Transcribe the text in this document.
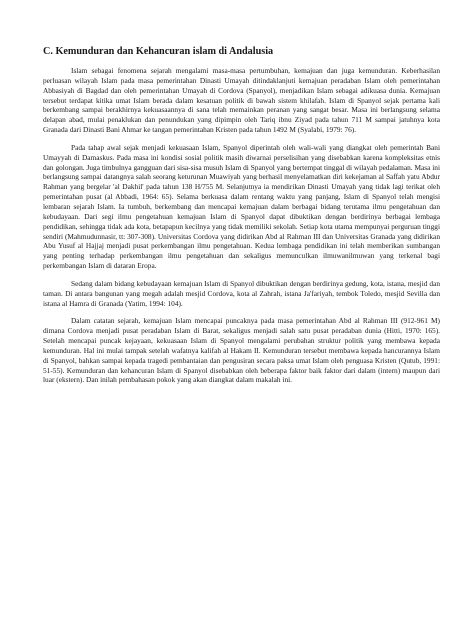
C. Kemunduran dan Kehancuran islam di Andalusia

Islam sebagai fenomena sejarah mengalami masa-masa pertumbuhan, kemajuan dan juga kemunduran. Keberhasilan perluasan wilayah Islam pada masa pemerintahan Dinasti Umayah ditindaklanjuti kemajuan peradaban Islam oleh pemerintahan Abbasiyah di Bagdad dan oleh pemerintahan Umayah di Cordova (Spanyol), menjadikan Islam sebagai adikuasa dunia. Kemajuan tersebut terdapat kitika umat Islam berada dalam kesatuan politik di bawah sistem khilafah. Islam di Spanyol sejak pertama kali berkembang sampai berakhirnya kekuasaannya di sana telah memainkan peranan yang sangat besar. Masa ini berlangsung selama delapan abad, mulai penaklukan dan penundukan yang dipimpin oleh Tariq ibnu Ziyad pada tahun 711 M sampai jatuhnya kota Granada dari Dinasti Bani Ahmar ke tangan pemerintahan Kristen pada tahun 1492 M (Syalabi, 1979: 76).

Pada tahap awal sejak menjadi kekuasaan Islam, Spanyol diperintah oleh wali-wali yang diangkat oleh pemerintah Bani Umayyah di Damaskus. Pada masa ini kondisi sosial politik masih diwarnai perselisihan yang disebabkan karena kompleksitas etnis dan golongan. Juga timbulnya gangguan dari sisa-sisa musuh Islam di Spanyol yang bertempat tinggal di wilayah pedalaman. Masa ini berlangsung sampai datangnya salah seorang keturunan Muawiyah yang berhasil menyelamatkan diri kekejaman al Saffah yatu Abdur Rahman yang bergelar 'al Dakhil' pada tahun 138 H/755 M. Selanjutnya ia mendirikan Dinasti Umayah yang tidak lagi terikat oleh pemerintahan pusat (al Abbadi, 1964: 65). Selama berkuasa dalam rentang waktu yang panjang, Islam di Spanyol telah mengisi lembaran sejarah Islam. Ia tumbuh, berkembang dan mencapai kemajuan dalam berbagai bidang terutama ilmu pengetahuan dan kebudayaan. Dari segi ilmu pengetahuan kemajuan Islam di Spanyol dapat dibuktikan dengan berdirinya berbagai lembaga pendidikan, sehingga tidak ada kota, betapapun kecilnya yang tidak memiliki sekolah. Setiap kota utama mempunyai perguruan tinggi sendiri (Mahmudunnasir, tt: 307-308). Universitas Cordova yang didirikan Abd al Rahman III dan Universitas Granada yang didirikan Abu Yusuf al Hajjaj menjadi pusat perkembangan ilmu pengetahuan. Kedua lembaga pendidikan ini telah memberikan sumbangan yang penting terhadap perkembangan ilmu pengetahuan dan sekaligus memunculkan ilmuwanilmuwan yang terkenal bagi perkembangan Islam di dataran Eropa.

Sedang dalam bidang kebudayaan kemajuan Islam di Spanyol dibuktikan dengan berdirinya gedung, kota, istana, mesjid dan taman. Di antara bangunan yang megah adalah mesjid Cordova, kota al Zahrah, istana Ja'fariyah, tembok Toledo, mesjid Sevilla dan istana al Hamra di Granada (Yatim, 1994: 104).

Dalam catatan sejarah, kemajuan Islam mencapai puncaknya pada masa pemerintahan Abd al Rahman III (912-961 M) dimana Cordova menjadi pusat peradaban Islam di Barat, sekaligus menjadi salah satu pusat peradaban dunia (Hitti, 1970: 165). Setelah mencapai puncak kejayaan, kekuasaan Islam di Spanyol mengalami perubahan struktur politik yang membawa kepada kemunduran. Hal ini mulai tampak setelah wafatnya kalifah al Hakam II. Kemunduran tersebut membawa kepada hancurannya Islam di Spanyol, bahkan sampai kepada tragedi pembantaian dan pengusiran secara paksa umat Islam oleh penguasa Kristen (Qutub, 1991: 51-55). Kemunduran dan kehancuran Islam di Spanyol disebabkan oleh beberapa faktor baik faktor dari dalam (intern) maupun dari luar (ekstern). Dan inilah pembahasan pokok yang akan diangkat dalam makalah ini.
